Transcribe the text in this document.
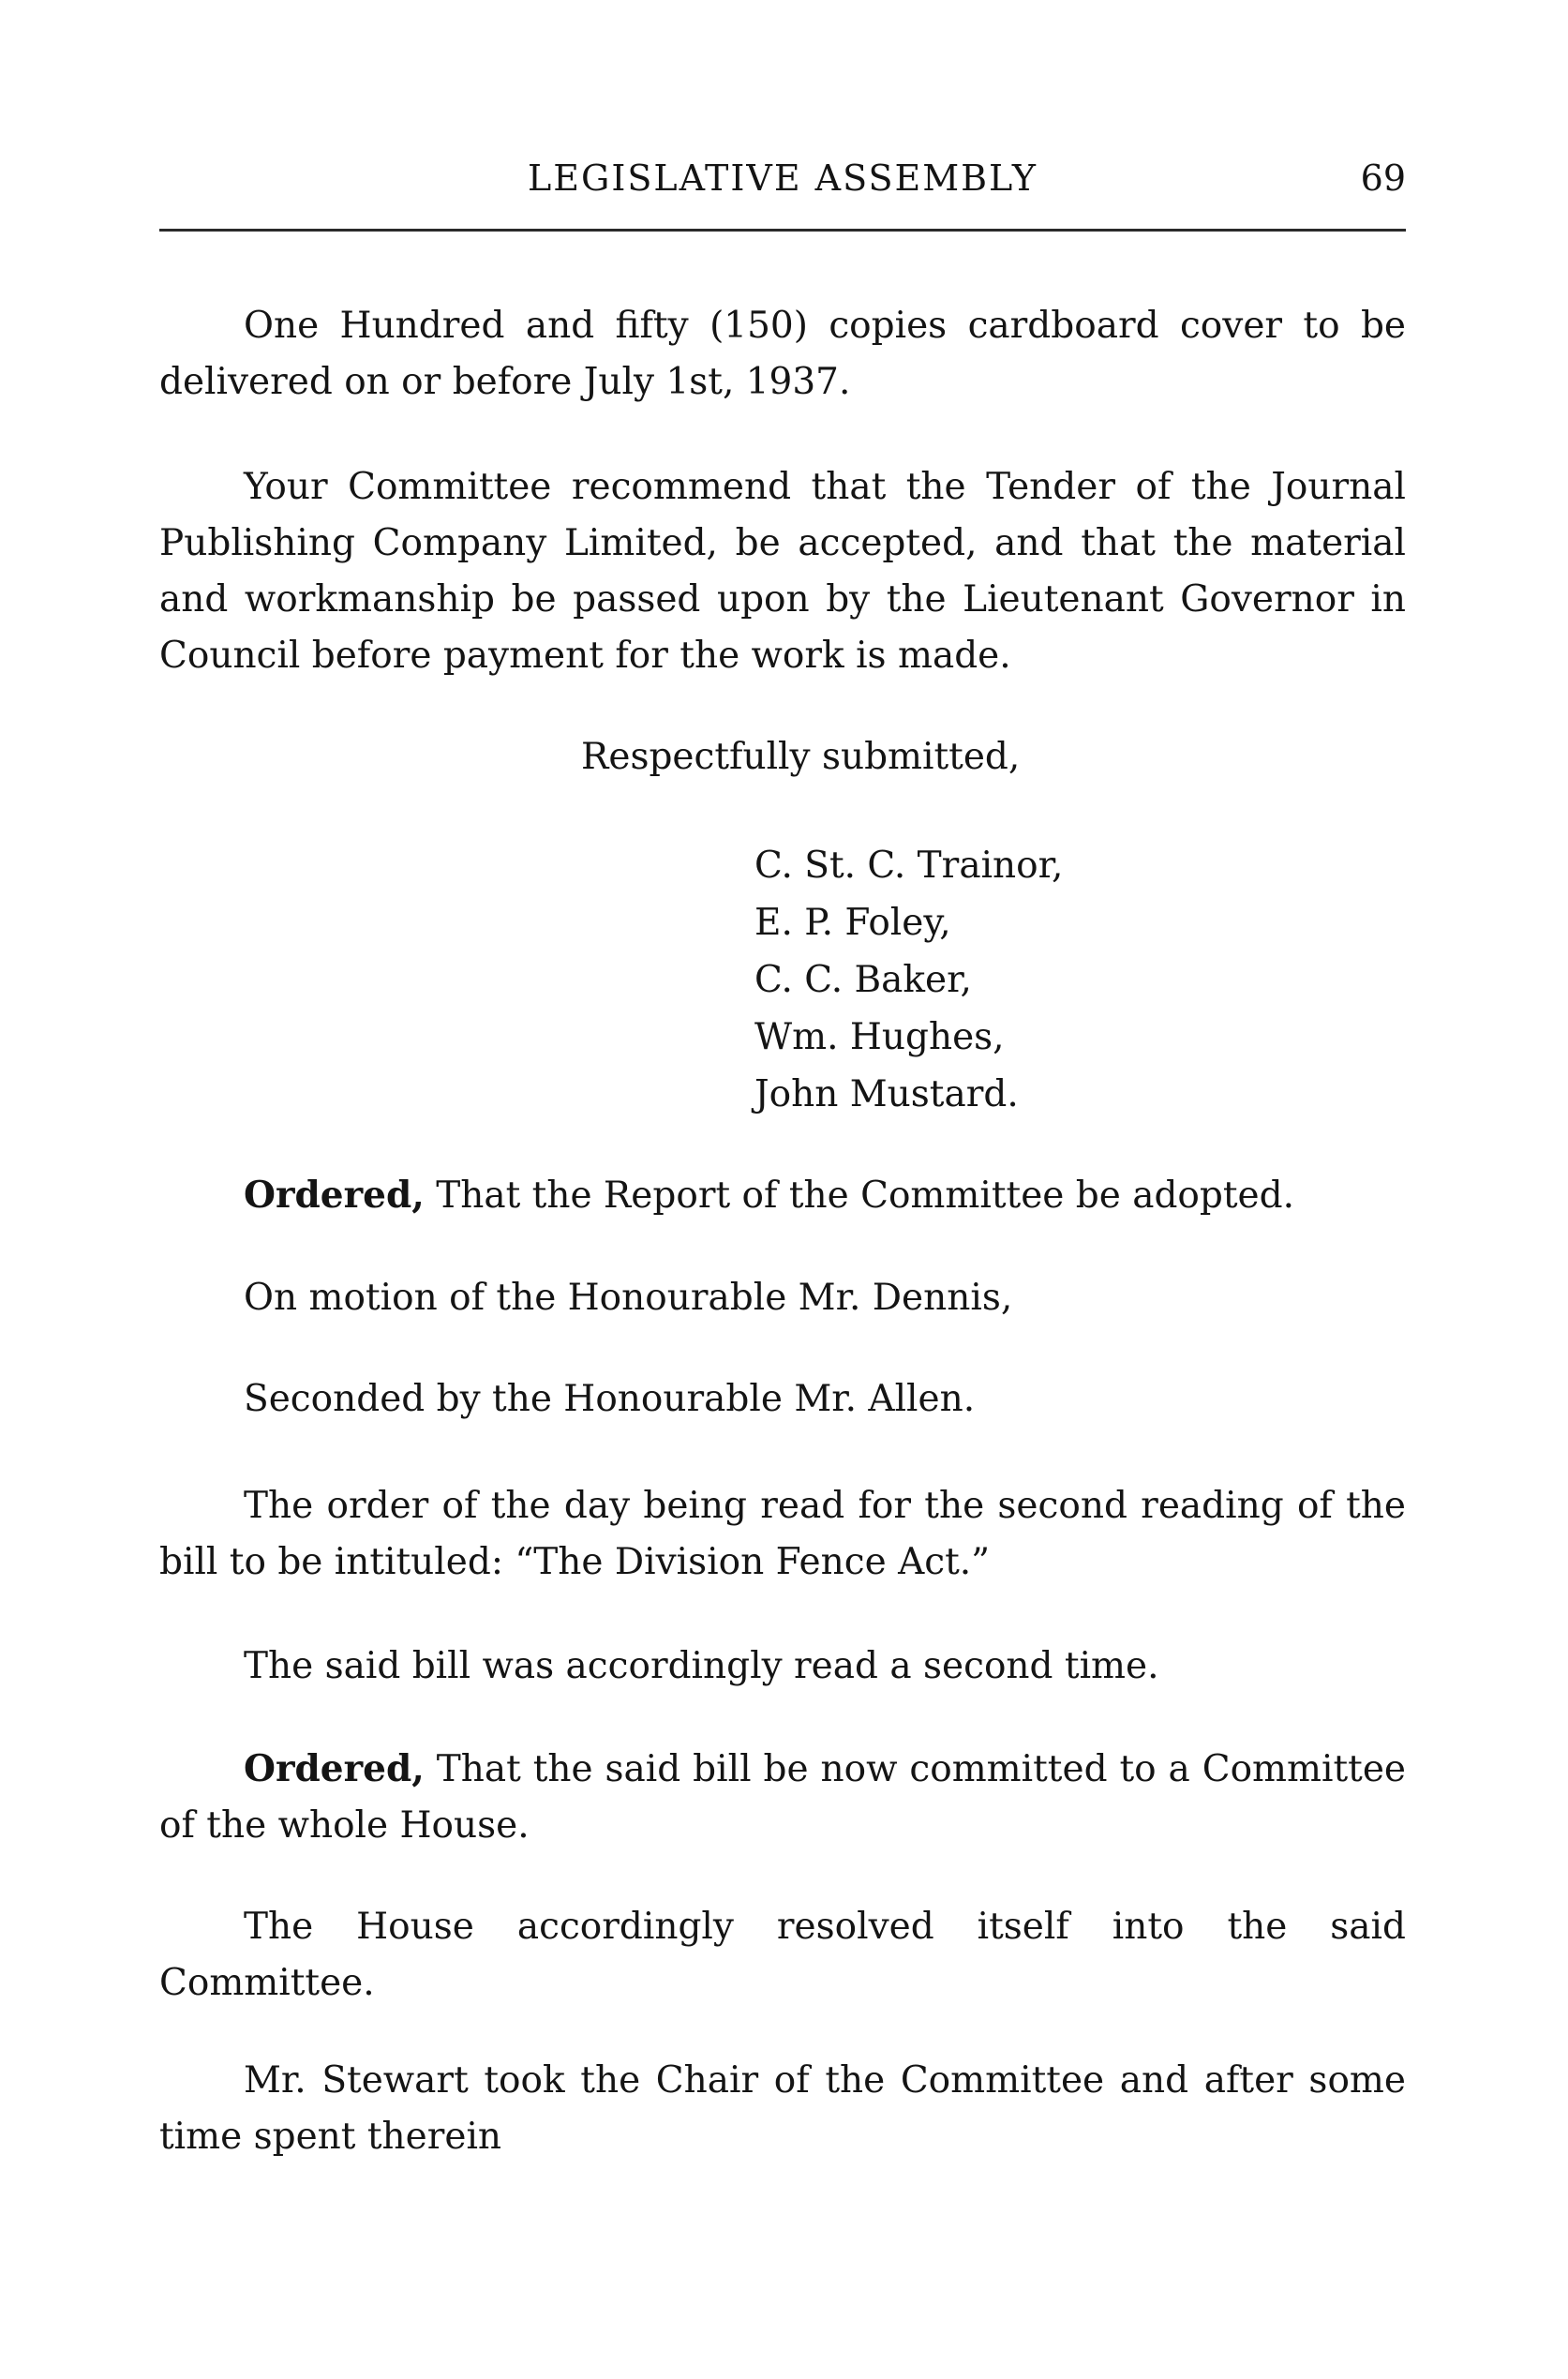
LEGISLATIVE ASSEMBLY	69

One Hundred and fifty (150) copies cardboard cover to be delivered on or before July 1st, 1937.

Your Committee recommend that the Tender of the Journal Publishing Company Limited, be accepted, and that the material and workmanship be passed upon by the Lieutenant Governor in Council before payment for the work is made.

Respectfully submitted,

C. St. C. Trainor,
E. P. Foley,
C. C. Baker,
Wm. Hughes,
John Mustard.

Ordered, That the Report of the Committee be adopted.

On motion of the Honourable Mr. Dennis,

Seconded by the Honourable Mr. Allen.

The order of the day being read for the second reading of the bill to be intituled: “The Division Fence Act.”

The said bill was accordingly read a second time.

Ordered, That the said bill be now committed to a Committee of the whole House.

The House accordingly resolved itself into the said Committee.

Mr. Stewart took the Chair of the Committee and after some time spent therein
